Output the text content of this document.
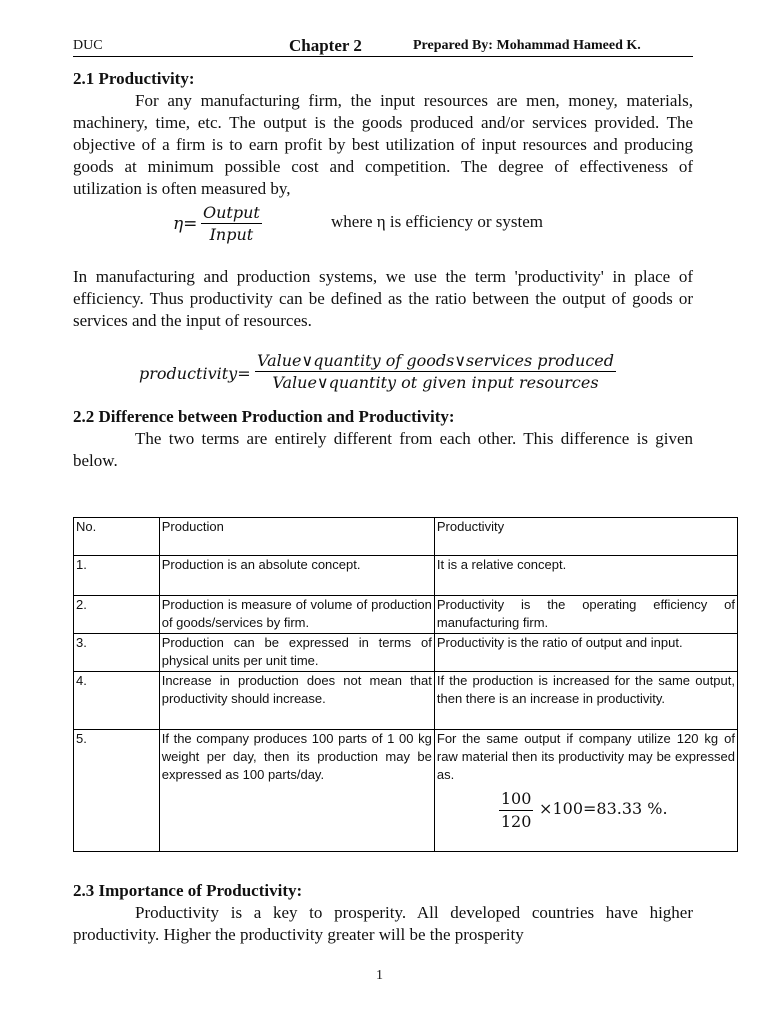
DUC	Chapter 2	Prepared By: Mohammad Hameed K.
2.1 Productivity:
For any manufacturing firm, the input resources are men, money, materials, machinery, time, etc. The output is the goods produced and/or services provided. The objective of a firm is to earn profit by best utilization of input resources and producing goods at minimum possible cost and competition. The degree of effectiveness of utilization is often measured by,
η=
Output
Input
where η is efficiency or system
In manufacturing and production systems, we use the term 'productivity' in place of efficiency. Thus productivity can be defined as the ratio between the output of goods or services and the input of resources.
productivity=
Value∨quantity of goods∨services produced
Value∨quantity ot given input resources
2.2 Difference between Production and Productivity:
The two terms are entirely different from each other. This difference is given below.
No.	Production	Productivity
1.	Production is an absolute concept.	It is a relative concept.
2.	Production is measure of volume of production of goods/services by firm.	Productivity is the operating efficiency of manufacturing firm.
3.	Production can be expressed in terms of physical units per unit time.	Productivity is the ratio of output and input.
4.	Increase in production does not mean that productivity should increase.	If the production is increased for the same output, then there is an increase in productivity.
5.	If the company produces 100 parts of 1 00 kg weight per day, then its production may be expressed as 100 parts/day.	For the same output if company utilize 120 kg of raw material then its productivity may be expressed as.
$\frac{100}{120} \times 100=83.33$ %.
2.3 Importance of Productivity:
Productivity is a key to prosperity. All developed countries have higher productivity. Higher the productivity greater will be the prosperity
1
